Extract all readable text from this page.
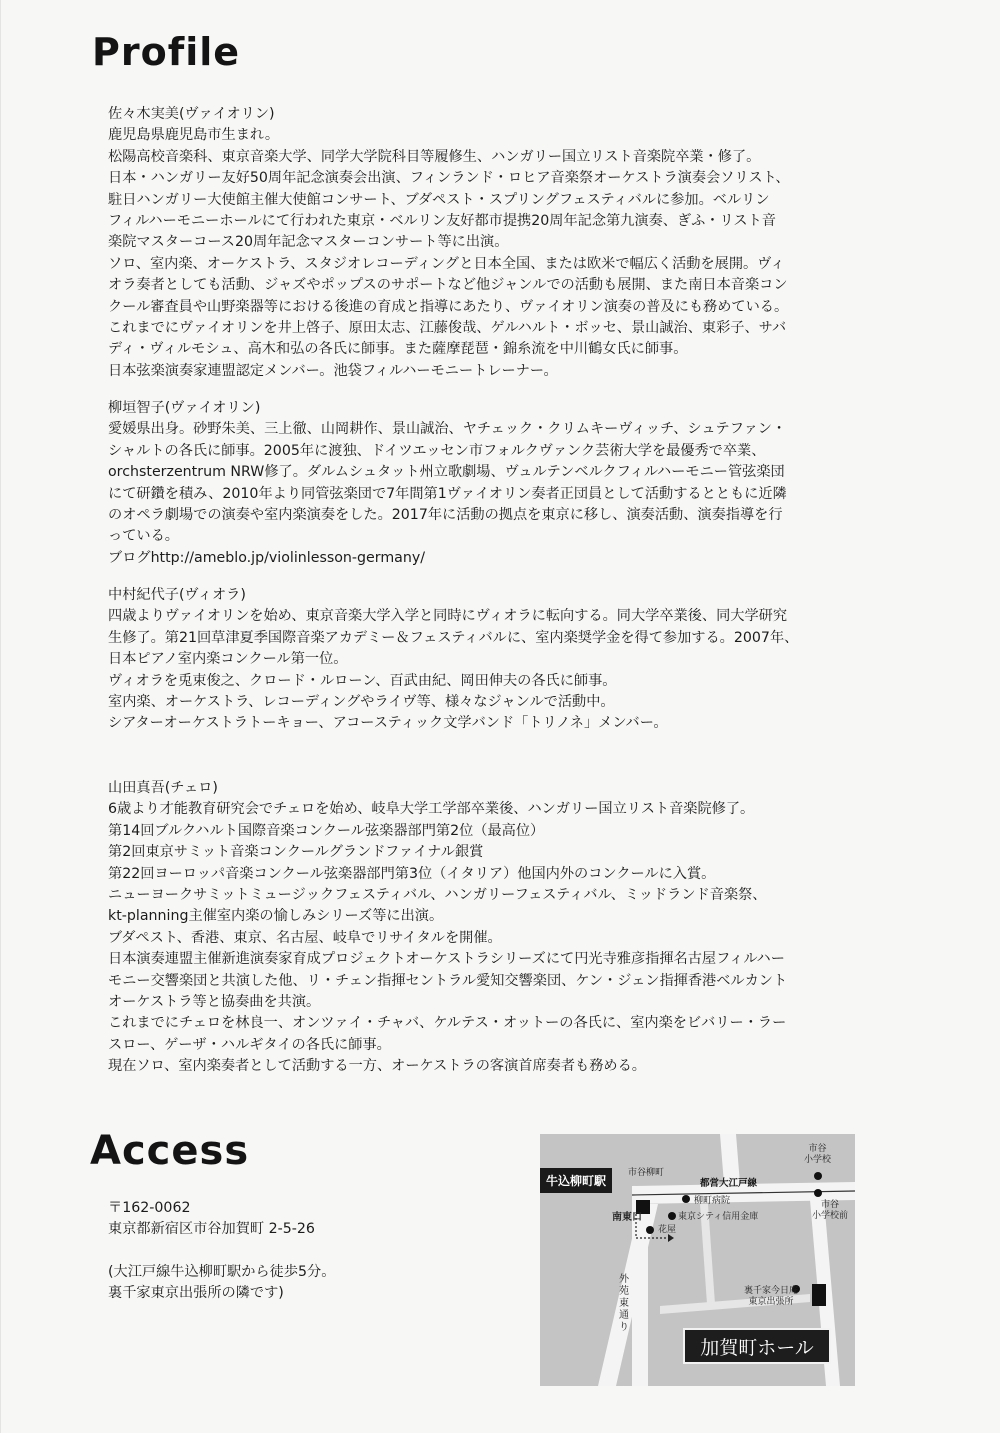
Profile
佐々木実美(ヴァイオリン)
鹿児島県鹿児島市生まれ。
松陽高校音楽科、東京音楽大学、同学大学院科目等履修生、ハンガリー国立リスト音楽院卒業・修了。
日本・ハンガリー友好50周年記念演奏会出演、フィンランド・ロヒア音楽祭オーケストラ演奏会ソリスト、
駐日ハンガリー大使館主催大使館コンサート、ブダペスト・スプリングフェスティバルに参加。ベルリン
フィルハーモニーホールにて行われた東京・ベルリン友好都市提携20周年記念第九演奏、ぎふ・リスト音
楽院マスターコース20周年記念マスターコンサート等に出演。
ソロ、室内楽、オーケストラ、スタジオレコーディングと日本全国、または欧米で幅広く活動を展開。ヴィ
オラ奏者としても活動、ジャズやポップスのサポートなど他ジャンルでの活動も展開、また南日本音楽コン
クール審査員や山野楽器等における後進の育成と指導にあたり、ヴァイオリン演奏の普及にも務めている。
これまでにヴァイオリンを井上啓子、原田太志、江藤俊哉、ゲルハルト・ボッセ、景山誠治、東彩子、サバ
ディ・ヴィルモシュ、高木和弘の各氏に師事。また薩摩琵琶・錦糸流を中川鶴女氏に師事。
日本弦楽演奏家連盟認定メンバー。池袋フィルハーモニートレーナー。
柳垣智子(ヴァイオリン)
愛媛県出身。砂野朱美、三上徹、山岡耕作、景山誠治、ヤチェック・クリムキーヴィッチ、シュテファン・
シャルトの各氏に師事。2005年に渡独、ドイツエッセン市フォルクヴァンク芸術大学を最優秀で卒業、
orchsterzentrum NRW修了。ダルムシュタット州立歌劇場、ヴュルテンベルクフィルハーモニー管弦楽団
にて研鑽を積み、2010年より同管弦楽団で7年間第1ヴァイオリン奏者正団員として活動するとともに近隣
のオペラ劇場での演奏や室内楽演奏をした。2017年に活動の拠点を東京に移し、演奏活動、演奏指導を行
っている。
ブログhttp://ameblo.jp/violinlesson-germany/
中村紀代子(ヴィオラ)
四歳よりヴァイオリンを始め、東京音楽大学入学と同時にヴィオラに転向する。同大学卒業後、同大学研究
生修了。第21回草津夏季国際音楽アカデミー＆フェスティバルに、室内楽奨学金を得て参加する。2007年、
日本ピアノ室内楽コンクール第一位。
ヴィオラを兎束俊之、クロード・ルローン、百武由紀、岡田伸夫の各氏に師事。
室内楽、オーケストラ、レコーディングやライヴ等、様々なジャンルで活動中。
シアターオーケストラトーキョー、アコースティック文学バンド「トリノネ」メンバー。
山田真吾(チェロ)
6歳より才能教育研究会でチェロを始め、岐阜大学工学部卒業後、ハンガリー国立リスト音楽院修了。
第14回ブルクハルト国際音楽コンクール弦楽器部門第2位（最高位）
第2回東京サミット音楽コンクールグランドファイナル銀賞
第22回ヨーロッパ音楽コンクール弦楽器部門第3位（イタリア）他国内外のコンクールに入賞。
ニューヨークサミットミュージックフェスティバル、ハンガリーフェスティバル、ミッドランド音楽祭、
kt-planning主催室内楽の愉しみシリーズ等に出演。
ブダペスト、香港、東京、名古屋、岐阜でリサイタルを開催。
日本演奏連盟主催新進演奏家育成プロジェクトオーケストラシリーズにて円光寺雅彦指揮名古屋フィルハー
モニー交響楽団と共演した他、リ・チェン指揮セントラル愛知交響楽団、ケン・ジェン指揮香港ベルカント
オーケストラ等と協奏曲を共演。
これまでにチェロを林良一、オンツァイ・チャバ、ケルテス・オットーの各氏に、室内楽をビバリー・ラー
スロー、ゲーザ・ハルギタイの各氏に師事。
現在ソロ、室内楽奏者として活動する一方、オーケストラの客演首席奏者も務める。
Access
〒162-0062
東京都新宿区市谷加賀町 2-5-26
(大江戸線牛込柳町駅から徒歩5分。
裏千家東京出張所の隣です)
牛込柳町駅
市谷柳町
都営大江戸線
南東口
柳町病院
東京シティ信用金庫
花屋
市谷
小学校
市谷
小学校前
外苑東通り
裏千家今日庵
東京出張所
加賀町ホール
